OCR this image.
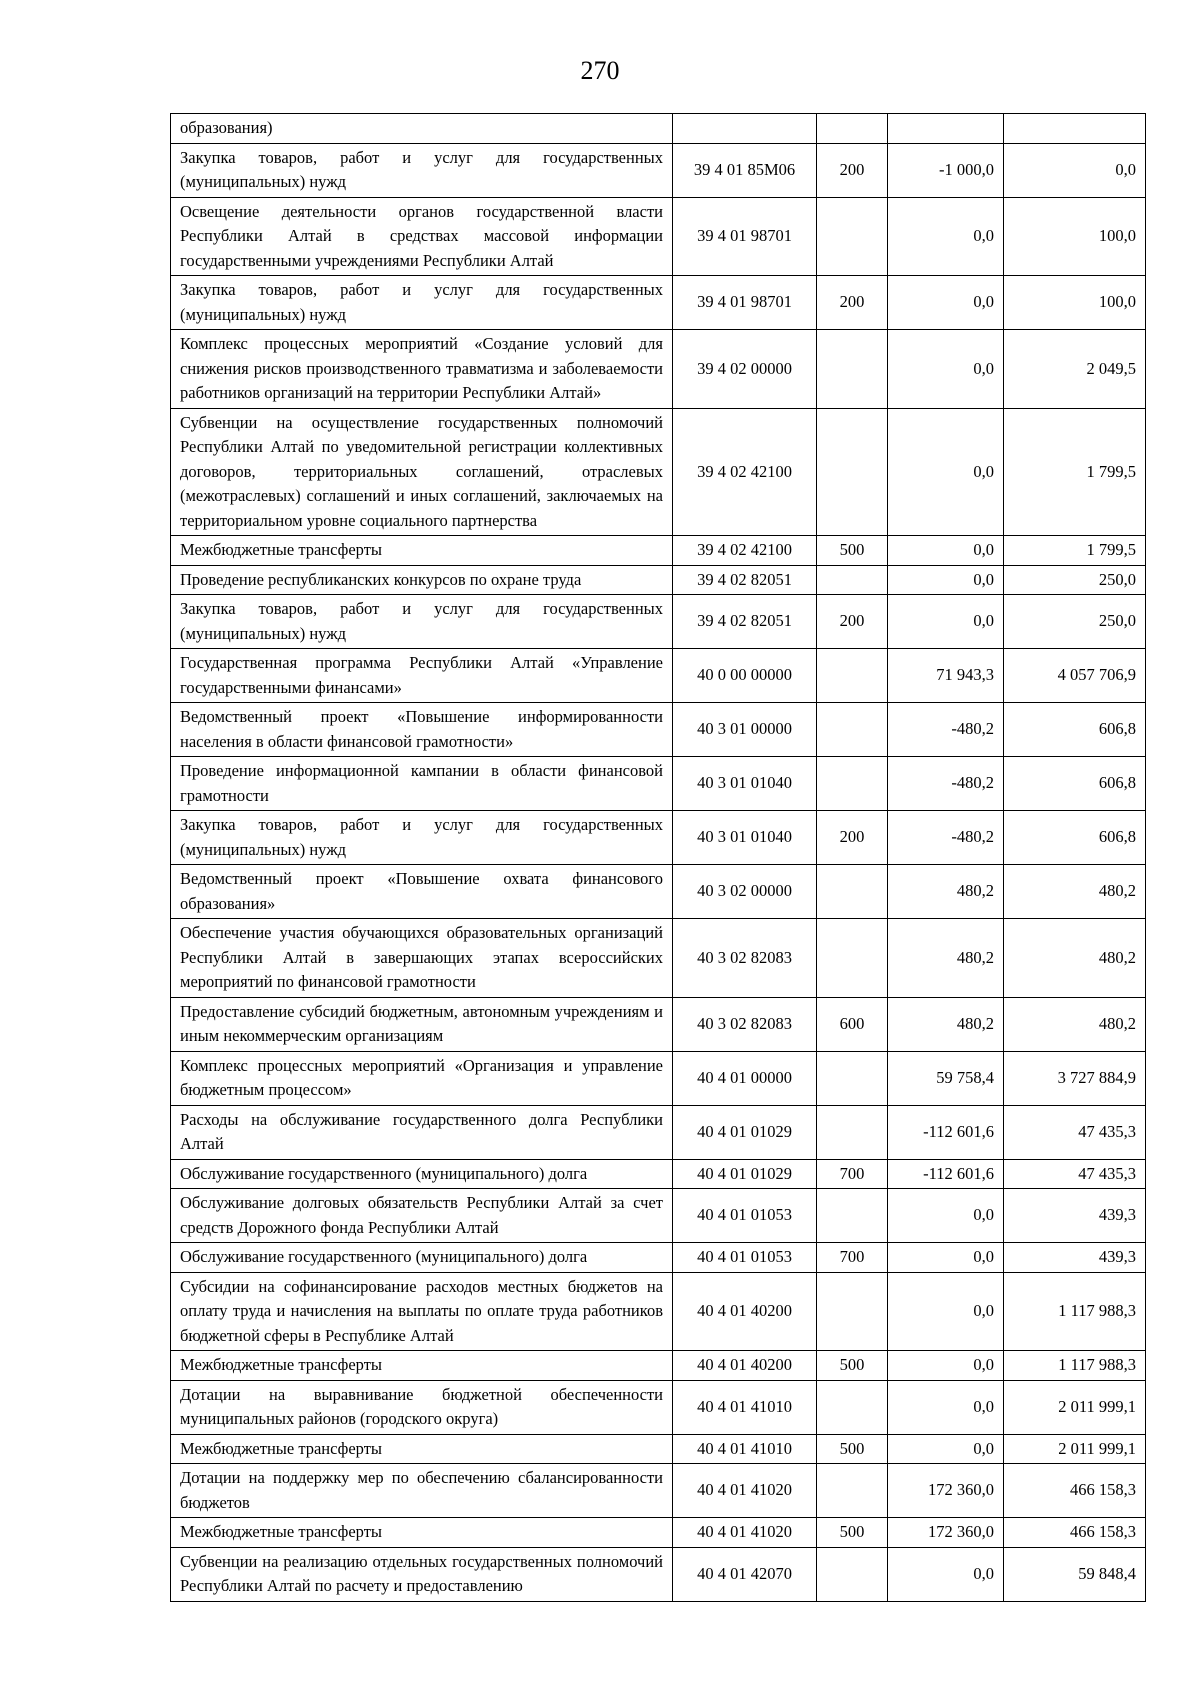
270
образования)				
Закупка товаров, работ и услуг для государственных (муниципальных) нужд	39 4 01 85М06	200	-1 000,0	0,0
Освещение деятельности органов государственной власти Республики Алтай в средствах массовой информации государственными учреждениями Республики Алтай	39 4 01 98701		0,0	100,0
Закупка товаров, работ и услуг для государственных (муниципальных) нужд	39 4 01 98701	200	0,0	100,0
Комплекс процессных мероприятий «Создание условий для снижения рисков производственного травматизма и заболеваемости работников организаций на территории Республики Алтай»	39 4 02 00000		0,0	2 049,5
Субвенции на осуществление государственных полномочий Республики Алтай по уведомительной регистрации коллективных договоров, территориальных соглашений, отраслевых (межотраслевых) соглашений и иных соглашений, заключаемых на территориальном уровне социального партнерства	39 4 02 42100		0,0	1 799,5
Межбюджетные трансферты	39 4 02 42100	500	0,0	1 799,5
Проведение республиканских конкурсов по охране труда	39 4 02 82051		0,0	250,0
Закупка товаров, работ и услуг для государственных (муниципальных) нужд	39 4 02 82051	200	0,0	250,0
Государственная программа Республики Алтай «Управление государственными финансами»	40 0 00 00000		71 943,3	4 057 706,9
Ведомственный проект «Повышение информированности населения в области финансовой грамотности»	40 3 01 00000		-480,2	606,8
Проведение информационной кампании в области финансовой грамотности	40 3 01 01040		-480,2	606,8
Закупка товаров, работ и услуг для государственных (муниципальных) нужд	40 3 01 01040	200	-480,2	606,8
Ведомственный проект «Повышение охвата финансового образования»	40 3 02 00000		480,2	480,2
Обеспечение участия обучающихся образовательных организаций Республики Алтай в завершающих этапах всероссийских мероприятий по финансовой грамотности	40 3 02 82083		480,2	480,2
Предоставление субсидий бюджетным, автономным учреждениям и иным некоммерческим организациям	40 3 02 82083	600	480,2	480,2
Комплекс процессных мероприятий «Организация и управление бюджетным процессом»	40 4 01 00000		59 758,4	3 727 884,9
Расходы на обслуживание государственного долга Республики Алтай	40 4 01 01029		-112 601,6	47 435,3
Обслуживание государственного (муниципального) долга	40 4 01 01029	700	-112 601,6	47 435,3
Обслуживание долговых обязательств Республики Алтай за счет средств Дорожного фонда Республики Алтай	40 4 01 01053		0,0	439,3
Обслуживание государственного (муниципального) долга	40 4 01 01053	700	0,0	439,3
Субсидии на софинансирование расходов местных бюджетов на оплату труда и начисления на выплаты по оплате труда работников бюджетной сферы в Республике Алтай	40 4 01 40200		0,0	1 117 988,3
Межбюджетные трансферты	40 4 01 40200	500	0,0	1 117 988,3
Дотации на выравнивание бюджетной обеспеченности муниципальных районов (городского округа)	40 4 01 41010		0,0	2 011 999,1
Межбюджетные трансферты	40 4 01 41010	500	0,0	2 011 999,1
Дотации на поддержку мер по обеспечению сбалансированности бюджетов	40 4 01 41020		172 360,0	466 158,3
Межбюджетные трансферты	40 4 01 41020	500	172 360,0	466 158,3
Субвенции на реализацию отдельных государственных полномочий Республики Алтай по расчету и предоставлению	40 4 01 42070		0,0	59 848,4
